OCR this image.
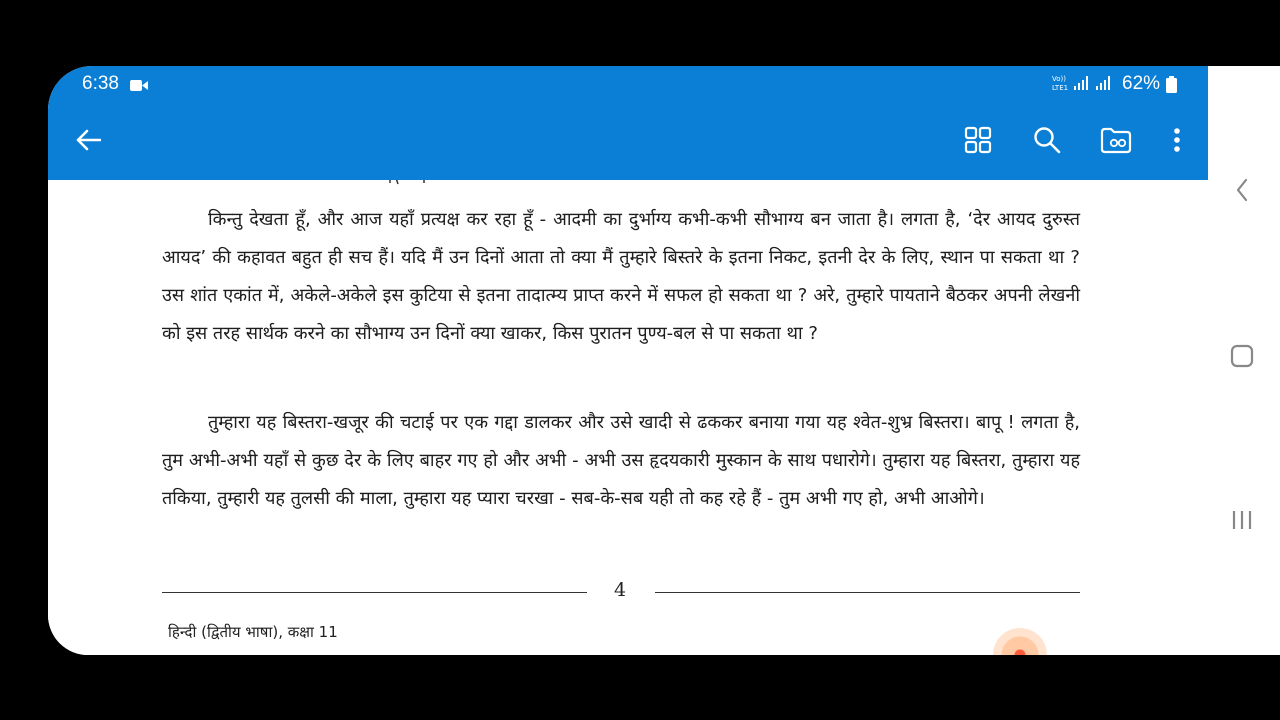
6:38	Vo))
LTE1	62%

किन्तु देखता हूँ, और आज यहाँ प्रत्यक्ष कर रहा हूँ - आदमी का दुर्भाग्य कभी-कभी सौभाग्य बन जाता है। लगता है, ‘देर आयद दुरुस्त आयद’ की कहावत बहुत ही सच हैं। यदि मैं उन दिनों आता तो क्या मैं तुम्हारे बिस्तरे के इतना निकट, इतनी देर के लिए, स्थान पा सकता था ? उस शांत एकांत में, अकेले-अकेले इस कुटिया से इतना तादात्म्य प्राप्त करने में सफल हो सकता था ? अरे, तुम्हारे पायताने बैठकर अपनी लेखनी को इस तरह सार्थक करने का सौभाग्य उन दिनों क्या खाकर, किस पुरातन पुण्य-बल से पा सकता था ?

तुम्हारा यह बिस्तरा-खजूर की चटाई पर एक गद्दा डालकर और उसे खादी से ढककर बनाया गया यह श्वेत-शुभ्र बिस्तरा। बापू ! लगता है, तुम अभी-अभी यहाँ से कुछ देर के लिए बाहर गए हो और अभी - अभी उस हृदयकारी मुस्कान के साथ पधारोगे। तुम्हारा यह बिस्तरा, तुम्हारा यह तकिया, तुम्हारी यह तुलसी की माला, तुम्हारा यह प्यारा चरखा - सब-के-सब यही तो कह रहे हैं - तुम अभी गए हो, अभी आओगे।

4
हिन्दी (द्वितीय भाषा), कक्षा 11
